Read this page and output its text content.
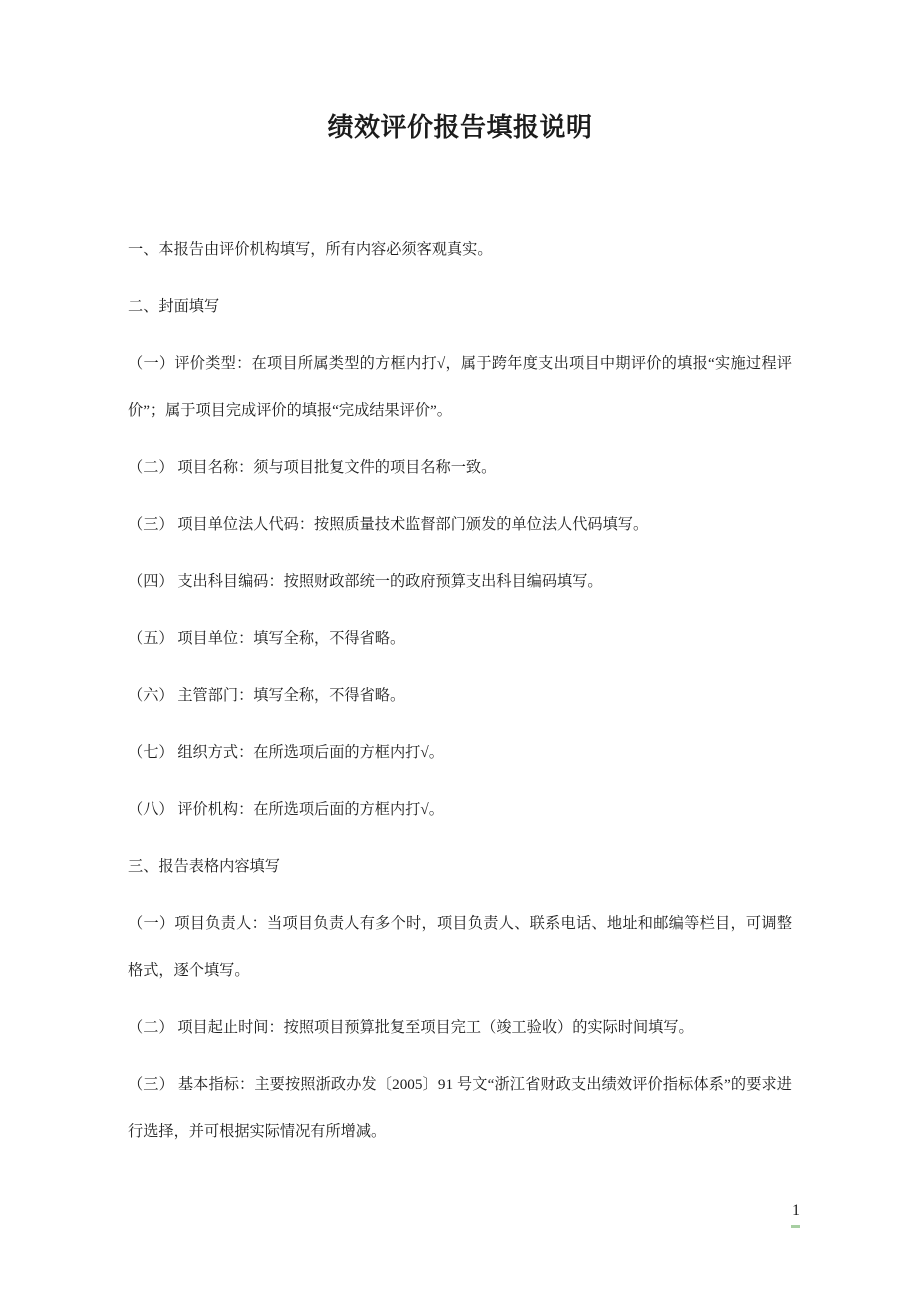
绩效评价报告填报说明

一、本报告由评价机构填写，所有内容必须客观真实。

二、封面填写

（一）评价类型：在项目所属类型的方框内打√，属于跨年度支出项目中期评价的填报“实施过程评价”；属于项目完成评价的填报“完成结果评价”。

（二） 项目名称：须与项目批复文件的项目名称一致。

（三） 项目单位法人代码：按照质量技术监督部门颁发的单位法人代码填写。

（四） 支出科目编码：按照财政部统一的政府预算支出科目编码填写。

（五） 项目单位：填写全称，不得省略。

（六） 主管部门：填写全称，不得省略。

（七） 组织方式：在所选项后面的方框内打√。

（八） 评价机构：在所选项后面的方框内打√。

三、报告表格内容填写

（一）项目负责人：当项目负责人有多个时，项目负责人、联系电话、地址和邮编等栏目，可调整格式，逐个填写。

（二） 项目起止时间：按照项目预算批复至项目完工（竣工验收）的实际时间填写。

（三） 基本指标：主要按照浙政办发〔2005〕91 号文“浙江省财政支出绩效评价指标体系”的要求进行选择，并可根据实际情况有所增减。

1
